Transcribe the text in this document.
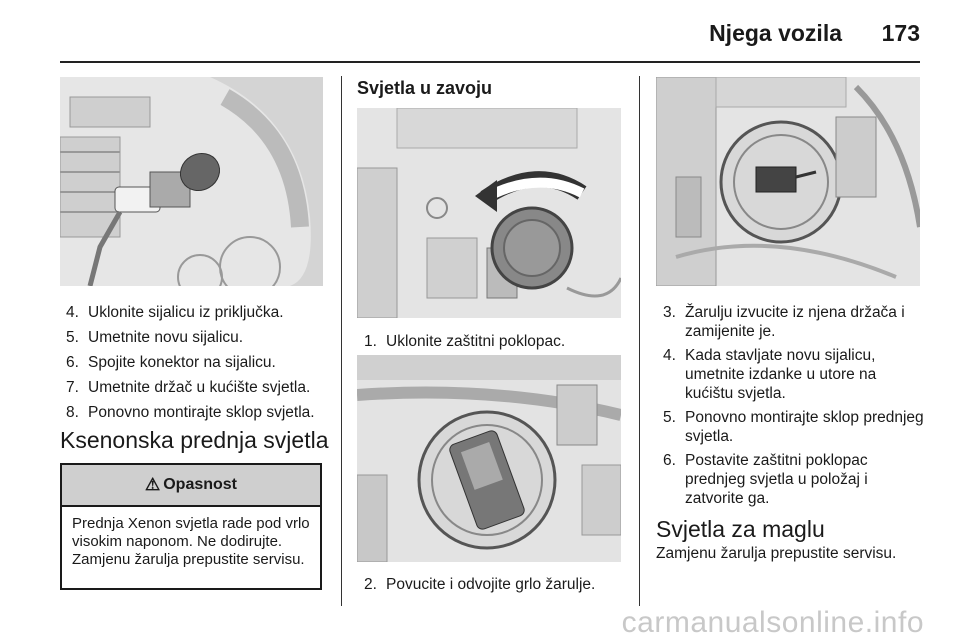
Njega vozila 173
4. Uklonite sijalicu iz priključka.
5. Umetnite novu sijalicu.
6. Spojite konektor na sijalicu.
7. Umetnite držač u kućište svjetla.
8. Ponovno montirajte sklop svjetla.
Ksenonska prednja svjetla
⚠ Opasnost
Prednja Xenon svjetla rade pod vrlo visokim naponom. Ne dodirujte. Zamjenu žarulja prepustite servisu.
Svjetla u zavoju
1. Uklonite zaštitni poklopac.
2. Povucite i odvojite grlo žarulje.
3. Žarulju izvucite iz njena držača i zamijenite je.
4. Kada stavljate novu sijalicu, umetnite izdanke u utore na kućištu svjetla.
5. Ponovno montirajte sklop prednjeg svjetla.
6. Postavite zaštitni poklopac prednjeg svjetla u položaj i zatvorite ga.
Svjetla za maglu
Zamjenu žarulja prepustite servisu.
carmanualsonline.info
